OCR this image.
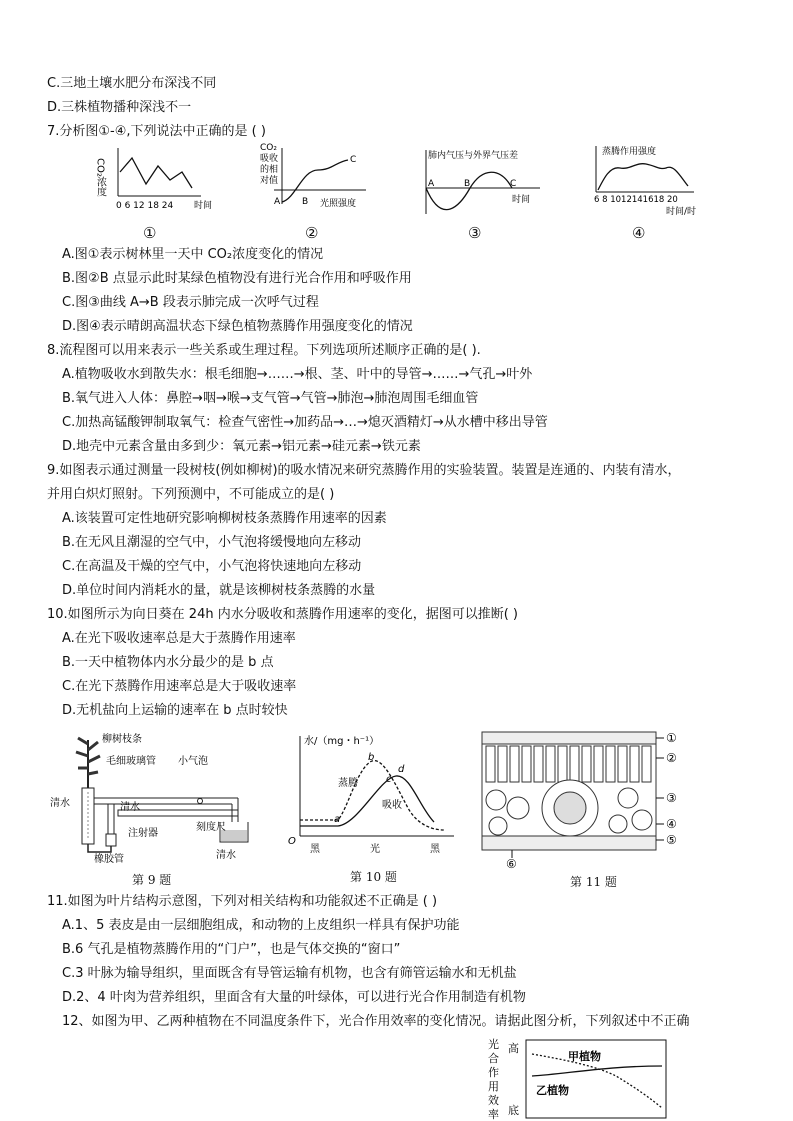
C.三地土壤水肥分布深浅不同
D.三株植物播种深浅不一
7.分析图①-④,下列说法中正确的是 ( )
CO₂浓度
0 6 12 18 24 时间
①
CO₂
吸收
的相
对值
A B
C
光照强度
②
肺内气压与外界气压差
A	B	C
时间
③
蒸腾作用强度
6 8 1012141618 20
时间/时
④
A.图①表示树林里一天中 CO₂浓度变化的情况
B.图②B 点显示此时某绿色植物没有进行光合作用和呼吸作用
C.图③曲线 A→B 段表示肺完成一次呼气过程
D.图④表示晴朗高温状态下绿色植物蒸腾作用强度变化的情况
8.流程图可以用来表示一些关系或生理过程。下列选项所述顺序正确的是( ).
A.植物吸收水到散失水：根毛细胞→……→根、茎、叶中的导管→……→气孔→叶外
B.氧气进入人体：鼻腔→咽→喉→支气管→气管→肺泡→肺泡周围毛细血管
C.加热高锰酸钾制取氧气：检查气密性→加药品→…→熄灭酒精灯→从水槽中移出导管
D.地壳中元素含量由多到少：氧元素→铝元素→硅元素→铁元素
9.如图表示通过测量一段树枝(例如柳树)的吸水情况来研究蒸腾作用的实验装置。装置是连通的、内装有清水，
并用白炽灯照射。下列预测中，不可能成立的是( )
A.该装置可定性地研究影响柳树枝条蒸腾作用速率的因素
B.在无风且潮湿的空气中，小气泡将缓慢地向左移动
C.在高温及干燥的空气中，小气泡将快速地向左移动
D.单位时间内消耗水的量，就是该柳树枝条蒸腾的水量
10.如图所示为向日葵在 24h 内水分吸收和蒸腾作用速率的变化，据图可以推断( )
A.在光下吸收速率总是大于蒸腾作用速率
B.一天中植物体内水分最少的是 b 点
C.在光下蒸腾作用速率总是大于吸收速率
D.无机盐向上运输的速率在 b 点时较快
柳树枝条
毛细玻璃管 小气泡
清水	清水
刻度尺
注射器
橡胶管	清水
第 9 题
水/（mg・h⁻¹）
蒸腾
吸收
a
b
c
d
O
黑	光	黑
第 10 题
①
②
③
④
⑤
⑥
第 11 题
11.如图为叶片结构示意图，下列对相关结构和功能叙述不正确是 ( )
A.1、5 表皮是由一层细胞组成，和动物的上皮组织一样具有保护功能
B.6 气孔是植物蒸腾作用的“门户”，也是气体交换的“窗口”
C.3 叶脉为输导组织，里面既含有导管运输有机物，也含有筛管运输水和无机盐
D.2、4 叶肉为营养组织，里面含有大量的叶绿体，可以进行光合作用制造有机物
12、如图为甲、乙两种植物在不同温度条件下，光合作用效率的变化情况。请据此图分析，下列叙述中不正确
光
合
作
用
效
率
高
底
甲植物
乙植物
